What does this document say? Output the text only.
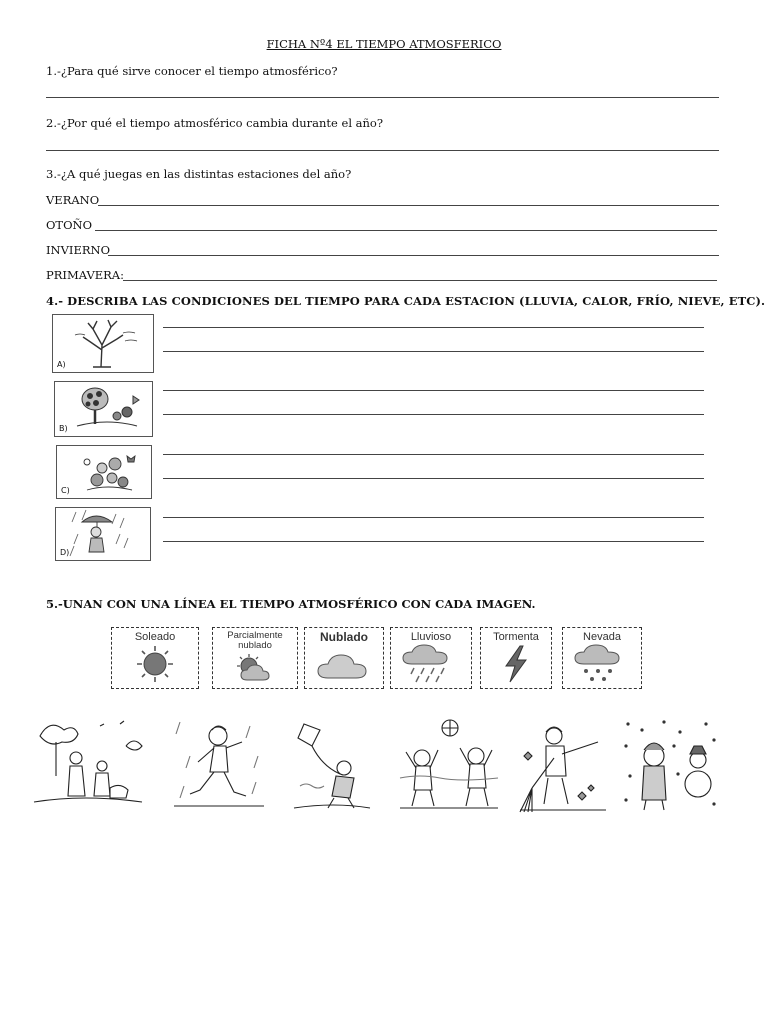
FICHA Nº4 EL TIEMPO ATMOSFERICO
1.-¿Para qué sirve conocer el tiempo atmosférico?
2.-¿Por qué el tiempo atmosférico cambia durante el año?
3.-¿A qué juegas en las distintas estaciones del año?
VERANO
OTOÑO
INVIERNO
PRIMAVERA:
4.- DESCRIBA LAS CONDICIONES DEL TIEMPO PARA CADA ESTACION (LLUVIA, CALOR, FRÍO, NIEVE, ETC).
A)
B)
C)
D)
5.-UNAN CON UNA LÍNEA EL TIEMPO ATMOSFÉRICO CON CADA IMAGEN.
Soleado	Parcialmente nublado
Nublado	Lluvioso	Tormenta	Nevada
